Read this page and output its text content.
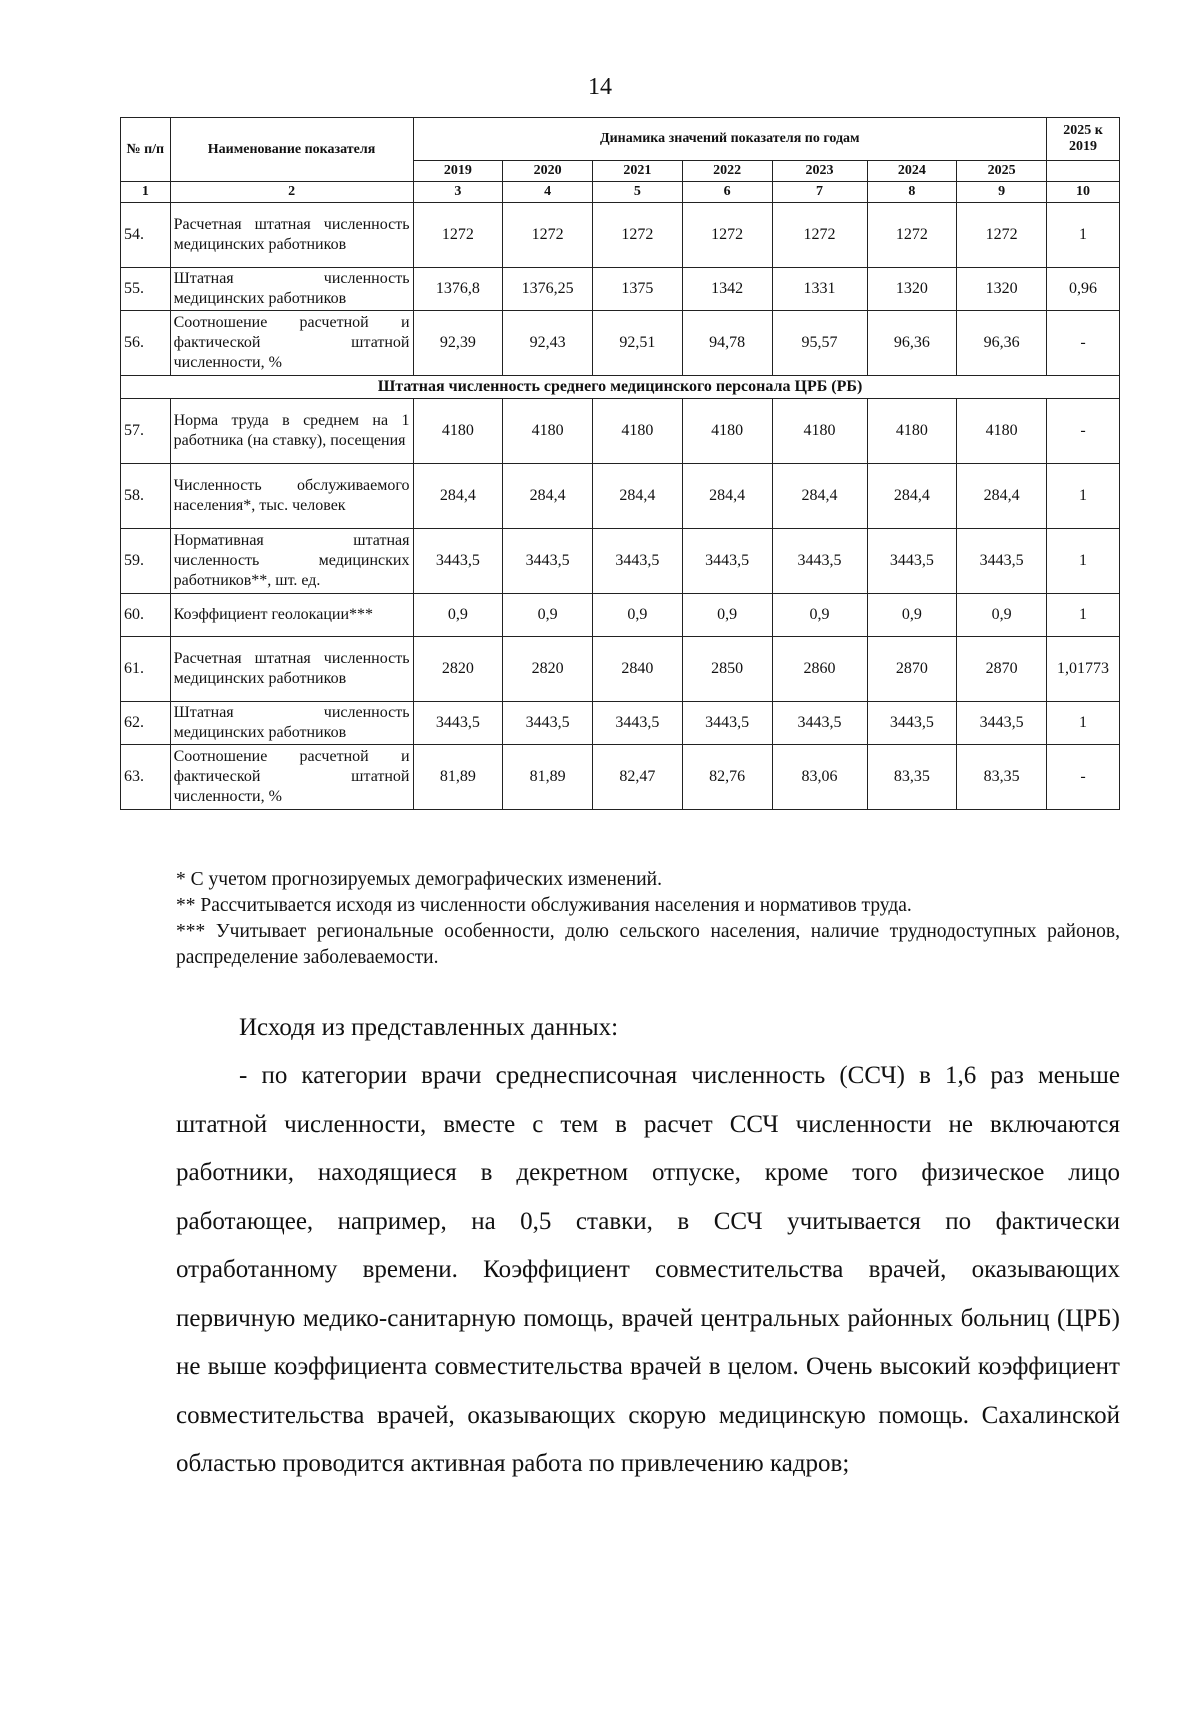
14
№ п/п	Наименование показателя	Динамика значений показателя по годам							2025 к 2019
		2019	2020	2021	2022	2023	2024	2025	
1	2	3	4	5	6	7	8	9	10
54.	Расчетная штатная численность медицинских работников	1272	1272	1272	1272	1272	1272	1272	1
55.	Штатная численность медицинских работников	1376,8	1376,25	1375	1342	1331	1320	1320	0,96
56.	Соотношение расчетной и фактической штатной численности, %	92,39	92,43	92,51	94,78	95,57	96,36	96,36	-
Штатная численность среднего медицинского персонала ЦРБ (РБ)									
57.	Норма труда в среднем на 1 работника (на ставку), посещения	4180	4180	4180	4180	4180	4180	4180	-
58.	Численность обслуживаемого населения*, тыс. человек	284,4	284,4	284,4	284,4	284,4	284,4	284,4	1
59.	Нормативная штатная численность медицинских работников**, шт. ед.	3443,5	3443,5	3443,5	3443,5	3443,5	3443,5	3443,5	1
60.	Коэффициент геолокации***	0,9	0,9	0,9	0,9	0,9	0,9	0,9	1
61.	Расчетная штатная численность медицинских работников	2820	2820	2840	2850	2860	2870	2870	1,01773
62.	Штатная численность медицинских работников	3443,5	3443,5	3443,5	3443,5	3443,5	3443,5	3443,5	1
63.	Соотношение расчетной и фактической штатной численности, %	81,89	81,89	82,47	82,76	83,06	83,35	83,35	-
* С учетом прогнозируемых демографических изменений.
** Рассчитывается исходя из численности обслуживания населения и нормативов труда.
*** Учитывает региональные особенности, долю сельского населения, наличие труднодоступных районов, распределение заболеваемости.
Исходя из представленных данных:
- по категории врачи среднесписочная численность (ССЧ) в 1,6 раз меньше штатной численности, вместе с тем в расчет ССЧ численности не включаются работники, находящиеся в декретном отпуске, кроме того физическое лицо работающее, например, на 0,5 ставки, в ССЧ учитывается по фактически отработанному времени. Коэффициент совместительства врачей, оказывающих первичную медико-санитарную помощь, врачей центральных районных больниц (ЦРБ) не выше коэффициента совместительства врачей в целом. Очень высокий коэффициент совместительства врачей, оказывающих скорую медицинскую помощь. Сахалинской областью проводится активная работа по привлечению кадров;
